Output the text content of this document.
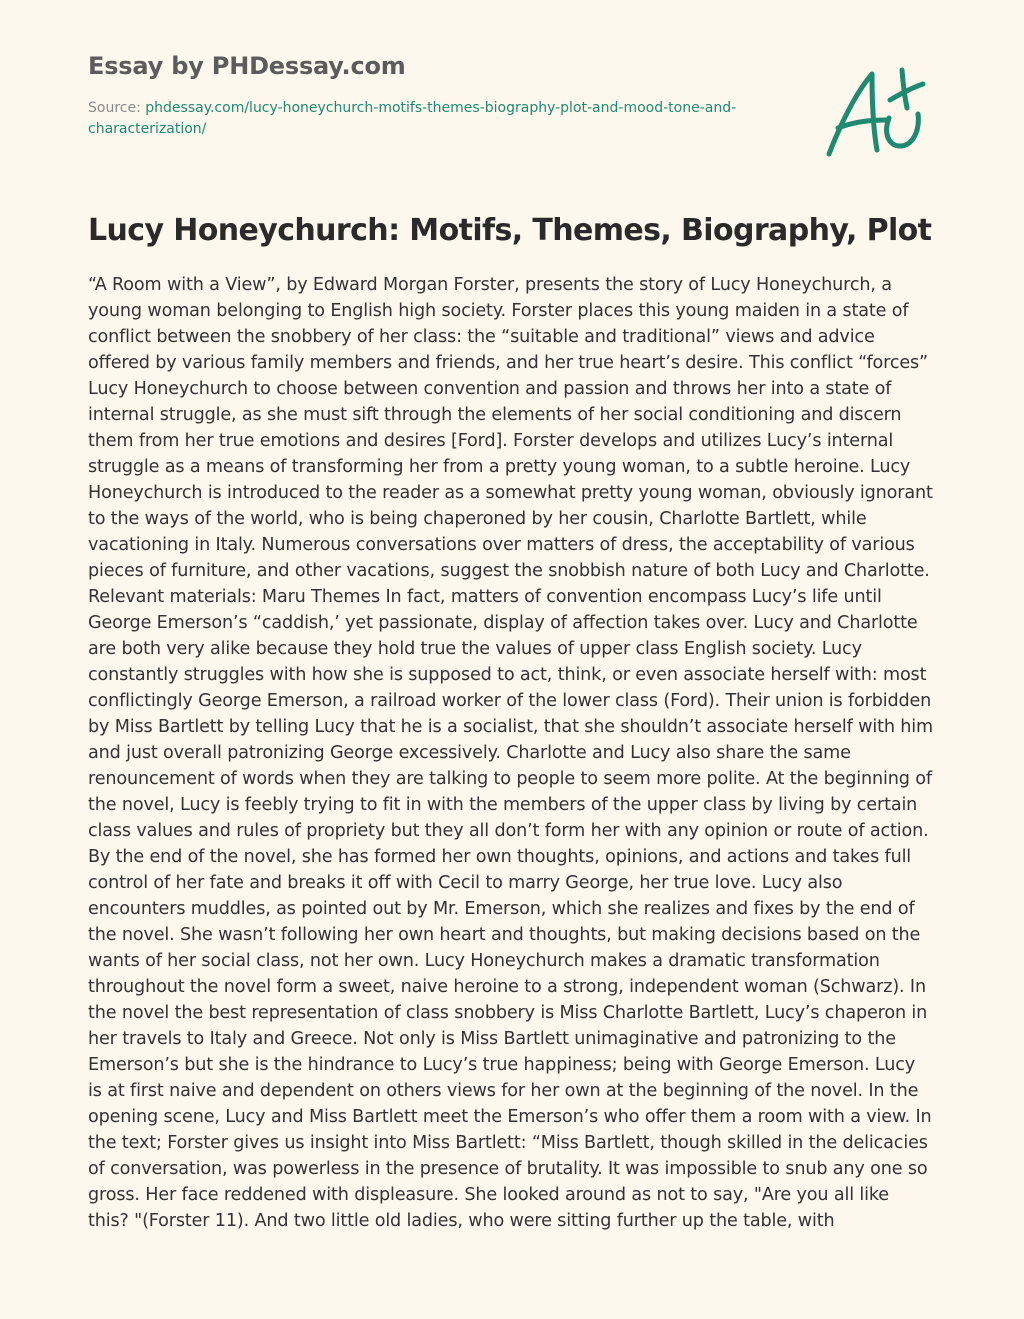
Essay by PHDessay.com
Source: phdessay.com/lucy-honeychurch-motifs-themes-biography-plot-and-mood-tone-and-characterization/
Lucy Honeychurch: Motifs, Themes, Biography, Plot

“A Room with a View”, by Edward Morgan Forster, presents the story of Lucy Honeychurch, a young woman belonging to English high society. Forster places this young maiden in a state of conflict between the snobbery of her class: the “suitable and traditional” views and advice offered by various family members and friends, and her true heart’s desire. This conflict “forces” Lucy Honeychurch to choose between convention and passion and throws her into a state of internal struggle, as she must sift through the elements of her social conditioning and discern them from her true emotions and desires [Ford]. Forster develops and utilizes Lucy’s internal struggle as a means of transforming her from a pretty young woman, to a subtle heroine. Lucy Honeychurch is introduced to the reader as a somewhat pretty young woman, obviously ignorant to the ways of the world, who is being chaperoned by her cousin, Charlotte Bartlett, while vacationing in Italy. Numerous conversations over matters of dress, the acceptability of various pieces of furniture, and other vacations, suggest the snobbish nature of both Lucy and Charlotte. Relevant materials: Maru Themes In fact, matters of convention encompass Lucy’s life until George Emerson’s “caddish,’ yet passionate, display of affection takes over. Lucy and Charlotte are both very alike because they hold true the values of upper class English society. Lucy constantly struggles with how she is supposed to act, think, or even associate herself with: most conflictingly George Emerson, a railroad worker of the lower class (Ford). Their union is forbidden by Miss Bartlett by telling Lucy that he is a socialist, that she shouldn’t associate herself with him and just overall patronizing George excessively. Charlotte and Lucy also share the same renouncement of words when they are talking to people to seem more polite. At the beginning of the novel, Lucy is feebly trying to fit in with the members of the upper class by living by certain class values and rules of propriety but they all don’t form her with any opinion or route of action. By the end of the novel, she has formed her own thoughts, opinions, and actions and takes full control of her fate and breaks it off with Cecil to marry George, her true love. Lucy also encounters muddles, as pointed out by Mr. Emerson, which she realizes and fixes by the end of the novel. She wasn’t following her own heart and thoughts, but making decisions based on the wants of her social class, not her own. Lucy Honeychurch makes a dramatic transformation throughout the novel form a sweet, naive heroine to a strong, independent woman (Schwarz). In the novel the best representation of class snobbery is Miss Charlotte Bartlett, Lucy’s chaperon in her travels to Italy and Greece. Not only is Miss Bartlett unimaginative and patronizing to the Emerson’s but she is the hindrance to Lucy’s true happiness; being with George Emerson. Lucy is at first naive and dependent on others views for her own at the beginning of the novel. In the opening scene, Lucy and Miss Bartlett meet the Emerson’s who offer them a room with a view. In the text; Forster gives us insight into Miss Bartlett: “Miss Bartlett, though skilled in the delicacies of conversation, was powerless in the presence of brutality. It was impossible to snub any one so gross. Her face reddened with displeasure. She looked around as not to say, "Are you all like this? "(Forster 11). And two little old ladies, who were sitting further up the table, with
